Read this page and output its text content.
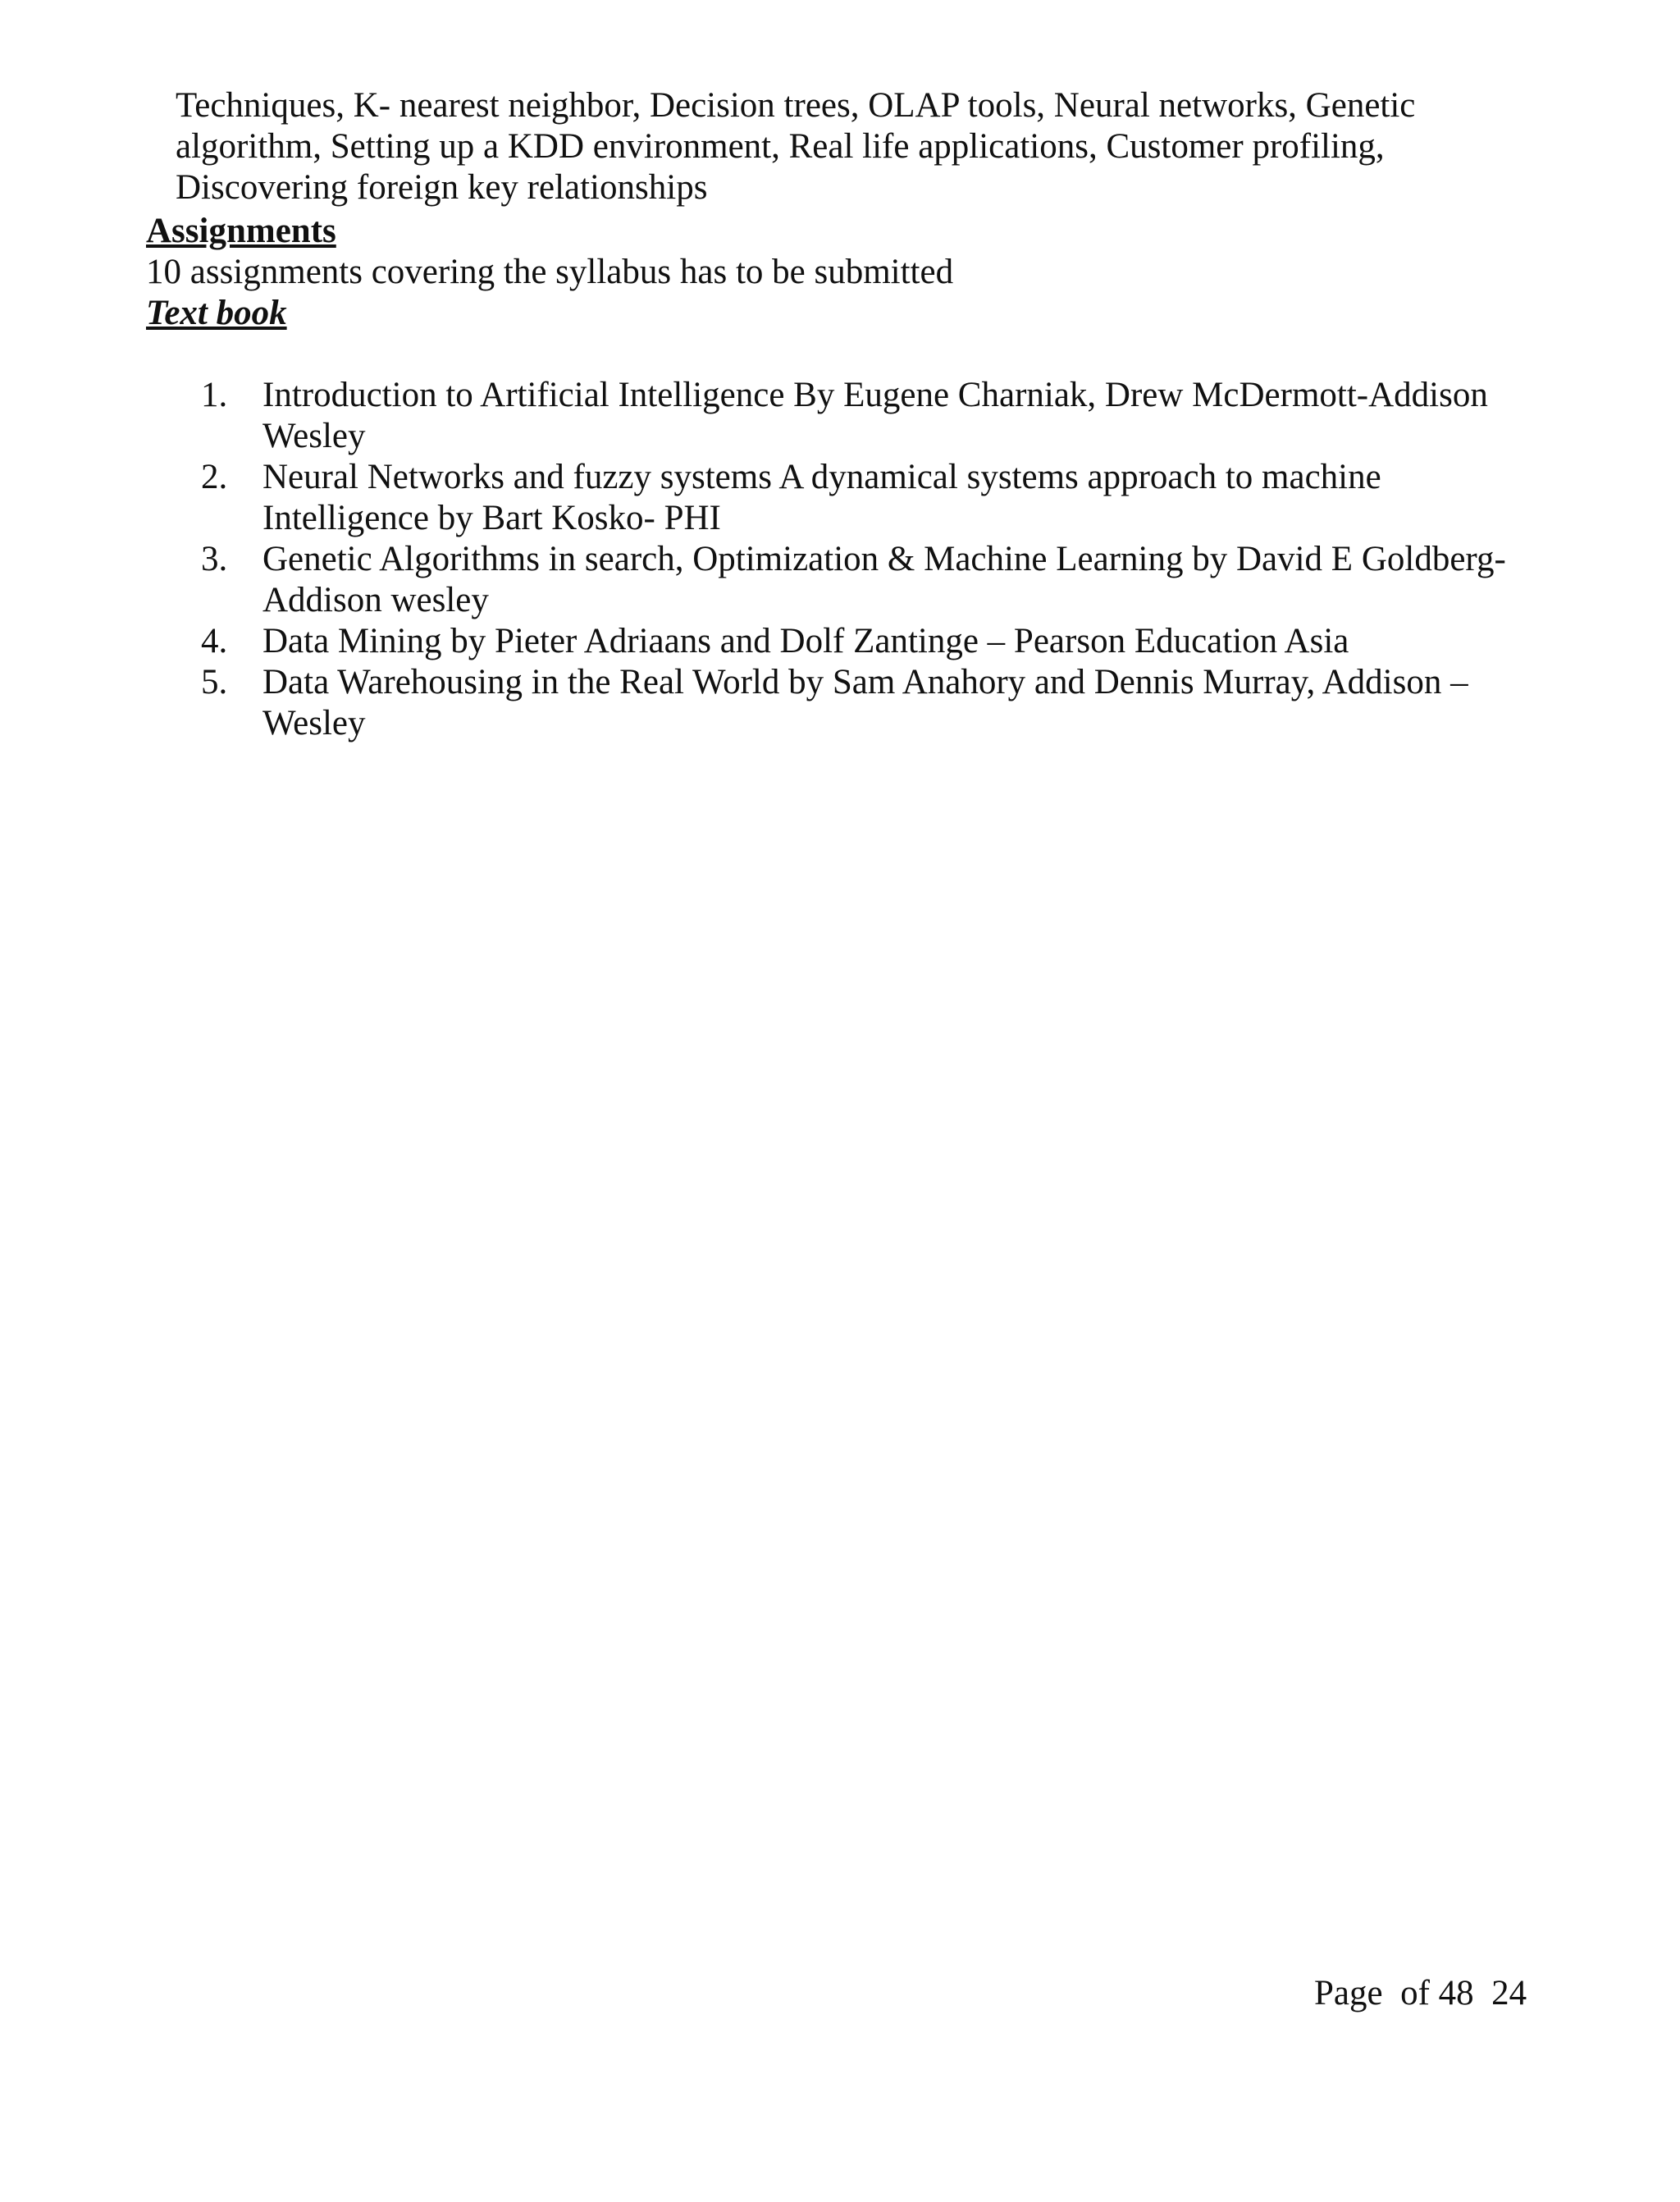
Techniques, K- nearest neighbor, Decision trees, OLAP tools, Neural networks, Genetic algorithm, Setting up a KDD environment, Real life applications, Customer profiling, Discovering foreign key relationships

Assignments

10 assignments covering the syllabus has to be submitted

Text book

1. Introduction to Artificial Intelligence By Eugene Charniak, Drew McDermott-Addison Wesley
2. Neural Networks and fuzzy systems A dynamical systems approach to machine Intelligence by Bart Kosko- PHI
3. Genetic Algorithms in search, Optimization & Machine Learning by David E Goldberg-Addison wesley
4. Data Mining by Pieter Adriaans and Dolf Zantinge – Pearson Education Asia
5. Data Warehousing in the Real World by Sam Anahory and Dennis Murray, Addison –Wesley
Page  of 48  24
